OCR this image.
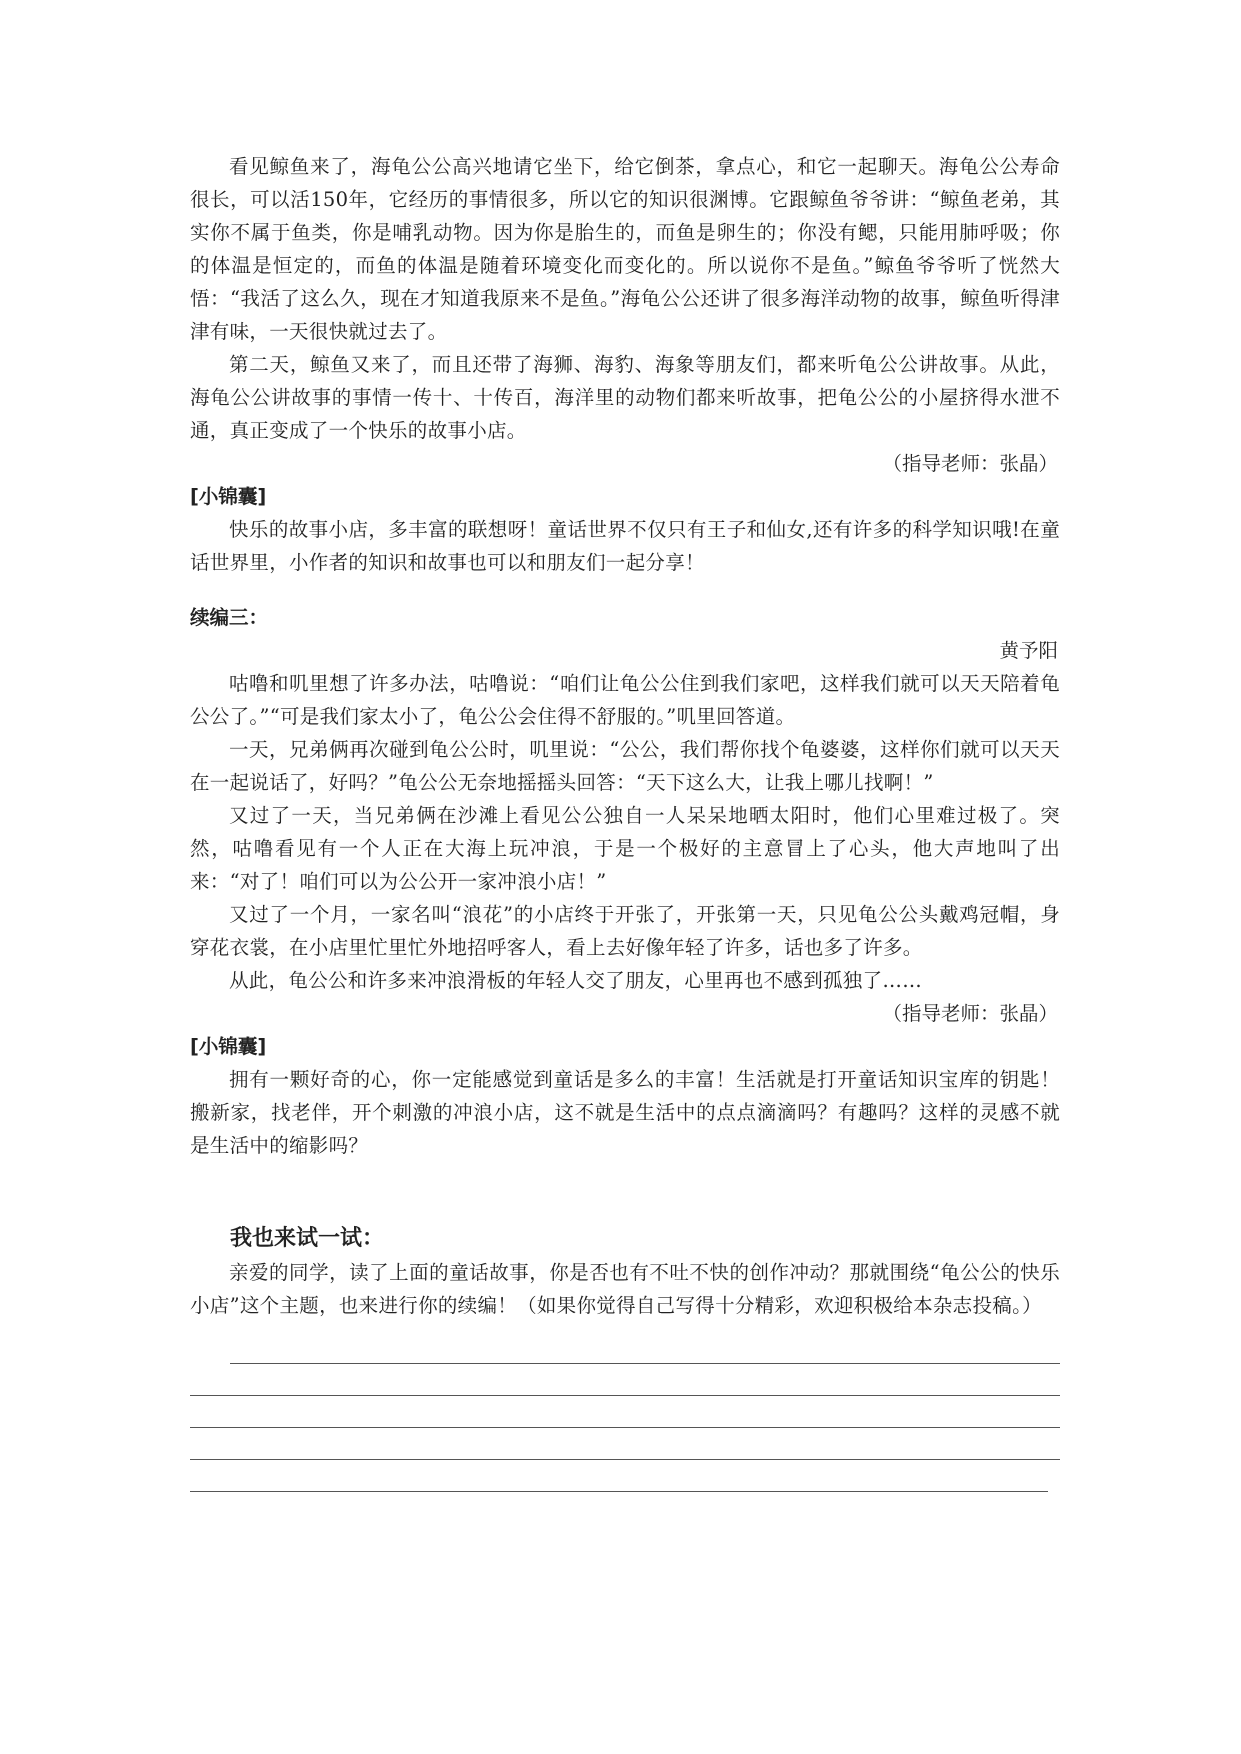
看见鲸鱼来了，海龟公公高兴地请它坐下，给它倒茶，拿点心，和它一起聊天。海龟公公寿命很长，可以活150年，它经历的事情很多，所以它的知识很渊博。它跟鲸鱼爷爷讲：“鲸鱼老弟，其实你不属于鱼类，你是哺乳动物。因为你是胎生的，而鱼是卵生的；你没有鳃，只能用肺呼吸；你的体温是恒定的，而鱼的体温是随着环境变化而变化的。所以说你不是鱼。”鲸鱼爷爷听了恍然大悟：“我活了这么久，现在才知道我原来不是鱼。”海龟公公还讲了很多海洋动物的故事，鲸鱼听得津津有味，一天很快就过去了。

第二天，鲸鱼又来了，而且还带了海狮、海豹、海象等朋友们，都来听龟公公讲故事。从此，海龟公公讲故事的事情一传十、十传百，海洋里的动物们都来听故事，把龟公公的小屋挤得水泄不通，真正变成了一个快乐的故事小店。

（指导老师：张晶）

[小锦囊]

快乐的故事小店，多丰富的联想呀！童话世界不仅只有王子和仙女,还有许多的科学知识哦!在童话世界里，小作者的知识和故事也可以和朋友们一起分享！

续编三：

黄予阳

咕噜和叽里想了许多办法，咕噜说：“咱们让龟公公住到我们家吧，这样我们就可以天天陪着龟公公了。”“可是我们家太小了，龟公公会住得不舒服的。”叽里回答道。

一天，兄弟俩再次碰到龟公公时，叽里说：“公公，我们帮你找个龟婆婆，这样你们就可以天天在一起说话了，好吗？”龟公公无奈地摇摇头回答：“天下这么大，让我上哪儿找啊！”

又过了一天，当兄弟俩在沙滩上看见公公独自一人呆呆地晒太阳时，他们心里难过极了。突然，咕噜看见有一个人正在大海上玩冲浪，于是一个极好的主意冒上了心头，他大声地叫了出来：“对了！咱们可以为公公开一家冲浪小店！”

又过了一个月，一家名叫“浪花”的小店终于开张了，开张第一天，只见龟公公头戴鸡冠帽，身穿花衣裳，在小店里忙里忙外地招呼客人，看上去好像年轻了许多，话也多了许多。

从此，龟公公和许多来冲浪滑板的年轻人交了朋友，心里再也不感到孤独了……

（指导老师：张晶）

[小锦囊]

拥有一颗好奇的心，你一定能感觉到童话是多么的丰富！生活就是打开童话知识宝库的钥匙！搬新家，找老伴，开个刺激的冲浪小店，这不就是生活中的点点滴滴吗？有趣吗？这样的灵感不就是生活中的缩影吗？

我也来试一试：

亲爱的同学，读了上面的童话故事，你是否也有不吐不快的创作冲动？那就围绕“龟公公的快乐小店”这个主题，也来进行你的续编！（如果你觉得自己写得十分精彩，欢迎积极给本杂志投稿。）
